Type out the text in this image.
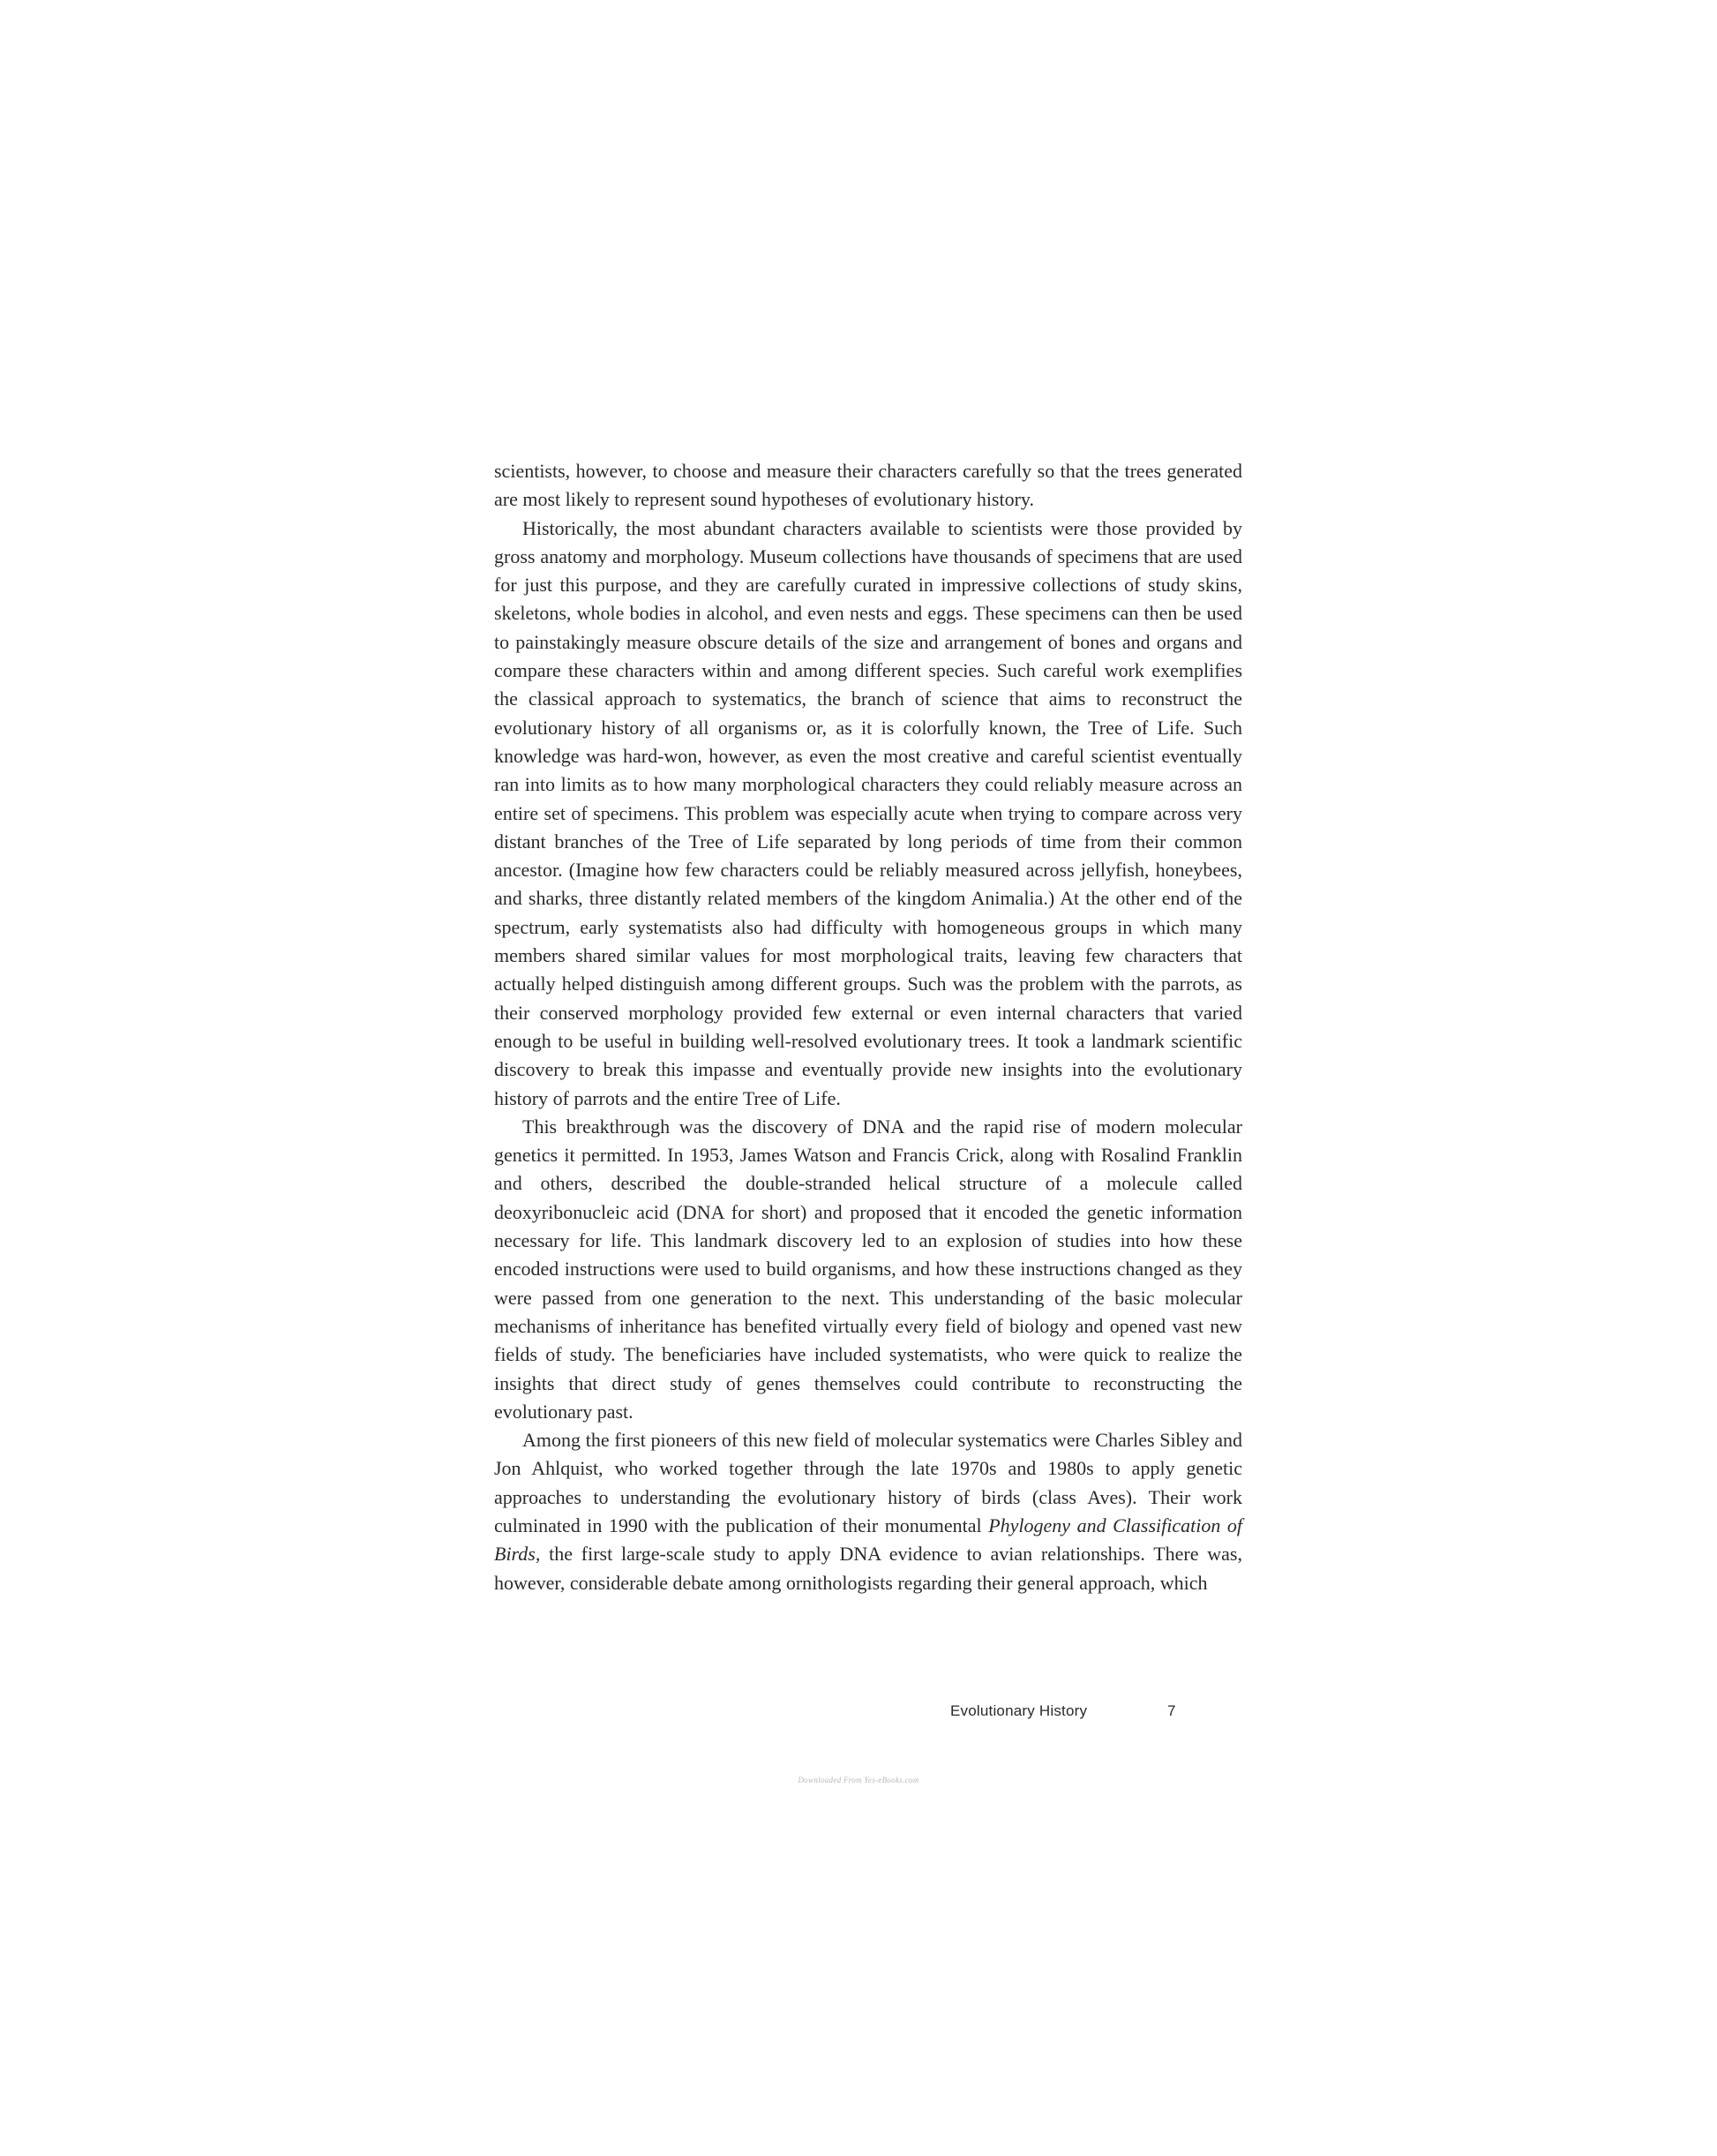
scientists, however, to choose and measure their characters carefully so that the trees generated are most likely to represent sound hypotheses of evolutionary history.

Historically, the most abundant characters available to scientists were those provided by gross anatomy and morphology. Museum collections have thousands of specimens that are used for just this purpose, and they are carefully curated in impressive collections of study skins, skeletons, whole bodies in alcohol, and even nests and eggs. These specimens can then be used to painstakingly measure obscure details of the size and arrangement of bones and organs and compare these characters within and among different species. Such careful work exemplifies the classical approach to systematics, the branch of science that aims to reconstruct the evolutionary history of all organisms or, as it is colorfully known, the Tree of Life. Such knowledge was hard-won, however, as even the most creative and careful scientist eventually ran into limits as to how many morphological characters they could reliably measure across an entire set of specimens. This problem was especially acute when trying to compare across very distant branches of the Tree of Life separated by long periods of time from their common ancestor. (Imagine how few characters could be reliably measured across jellyfish, honeybees, and sharks, three distantly related members of the kingdom Animalia.) At the other end of the spectrum, early systematists also had difficulty with homogeneous groups in which many members shared similar values for most morphological traits, leaving few characters that actually helped distinguish among different groups. Such was the problem with the parrots, as their conserved morphology provided few external or even internal characters that varied enough to be useful in building well-resolved evolutionary trees. It took a landmark scientific discovery to break this impasse and eventually provide new insights into the evolutionary history of parrots and the entire Tree of Life.

This breakthrough was the discovery of DNA and the rapid rise of modern molecular genetics it permitted. In 1953, James Watson and Francis Crick, along with Rosalind Franklin and others, described the double-stranded helical structure of a molecule called deoxyribonucleic acid (DNA for short) and proposed that it encoded the genetic information necessary for life. This landmark discovery led to an explosion of studies into how these encoded instructions were used to build organisms, and how these instructions changed as they were passed from one generation to the next. This understanding of the basic molecular mechanisms of inheritance has benefited virtually every field of biology and opened vast new fields of study. The beneficiaries have included systematists, who were quick to realize the insights that direct study of genes themselves could contribute to reconstructing the evolutionary past.

Among the first pioneers of this new field of molecular systematics were Charles Sibley and Jon Ahlquist, who worked together through the late 1970s and 1980s to apply genetic approaches to understanding the evolutionary history of birds (class Aves). Their work culminated in 1990 with the publication of their monumental Phylogeny and Classification of Birds, the first large-scale study to apply DNA evidence to avian relationships. There was, however, considerable debate among ornithologists regarding their general approach, which

Evolutionary History	7
Downloaded From Yes-eBooks.com
